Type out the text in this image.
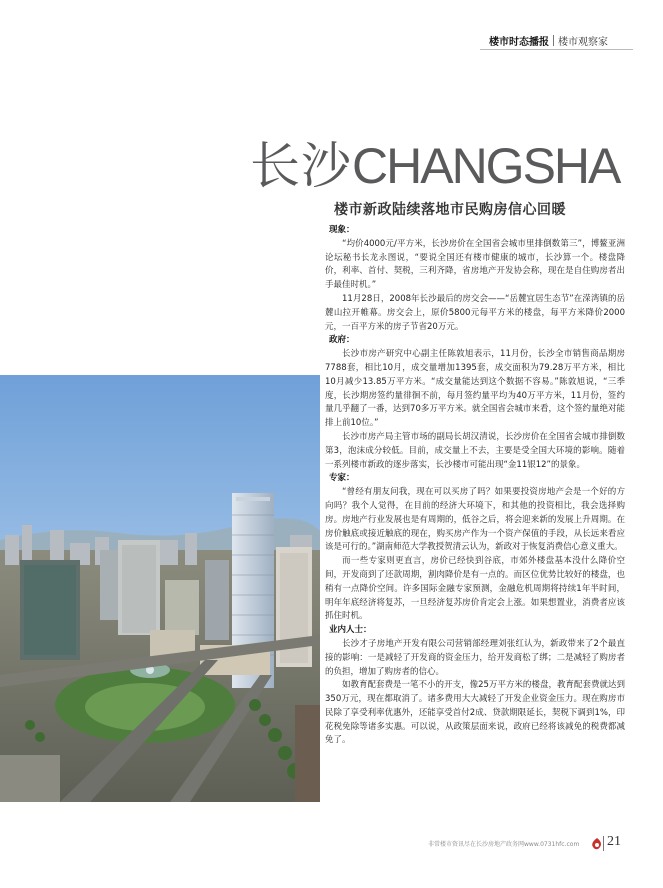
楼市时态播报 楼市观察家
长沙CHANGSHA
楼市新政陆续落地市民购房信心回暖

现象：

“均价4000元/平方米，长沙房价在全国省会城市里排倒数第三”，博鳌亚洲论坛秘书长龙永图说，“要说全国还有楼市健康的城市，长沙算一个。楼盘降价，利率、首付、契税，三利齐降，省房地产开发协会称，现在是自住购房者出手最佳时机。”

11月28日，2008年长沙最后的房交会——“岳麓宜居生态节”在溁湾镇的岳麓山拉开帷幕。房交会上，原价5800元每平方米的楼盘，每平方米降价2000元，一百平方米的房子节省20万元。

政府：

长沙市房产研究中心副主任陈敦旭表示，11月份，长沙全市销售商品期房7788套，相比10月，成交量增加1395套，成交面积为79.28万平方米，相比10月减少13.85万平方米。“成交量能达到这个数据不容易。”陈敦旭说，“三季度，长沙期房签约量徘徊不前，每月签约量平均为40万平方米，11月份，签约量几乎翻了一番，达到70多万平方米。就全国省会城市来看，这个签约量绝对能排上前10位。”

长沙市房产局主管市场的副局长胡汉清说，长沙房价在全国省会城市排倒数第3，泡沫成分较低。目前，成交量上不去，主要是受全国大环境的影响。随着一系列楼市新政的逐步落实，长沙楼市可能出现“金11银12”的景象。

专家：

“曾经有朋友问我，现在可以买房了吗？如果要投资房地产会是一个好的方向吗？我个人觉得，在目前的经济大环境下，和其他的投资相比，我会选择购房。房地产行业发展也是有周期的，低谷之后，将会迎来新的发展上升周期。在房价触底或接近触底的现在，购买房产作为一个资产保值的手段，从长远来看应该是可行的。”湖南师范大学教授贺清云认为，新政对于恢复消费信心意义重大。

而一些专家则更直言，房价已经快到谷底，市郊外楼盘基本没什么降价空间，开发商到了还款周期，割肉降价是有一点的。而区位优势比较好的楼盘，也稍有一点降价空间。许多国际金融专家预测，金融危机周期将持续1年半时间，明年年底经济将复苏，一旦经济复苏房价肯定会上涨。如果想置业，消费者应该抓住时机。

业内人士：

长沙才子房地产开发有限公司营销部经理刘张红认为，新政带来了2个最直接的影响：一是减轻了开发商的资金压力，给开发商松了绑；二是减轻了购房者的负担，增加了购房者的信心。

如教育配套费是一笔不小的开支，像25万平方米的楼盘，教育配套费就达到350万元，现在都取消了。诸多费用大大减轻了开发企业资金压力。现在购房市民除了享受利率优惠外，还能享受首付2成、贷款期限延长，契税下调到1%，印花税免除等诸多实惠。可以说，从政策层面来说，政府已经将该减免的税费都减免了。

非常楼市资讯尽在长沙房地产政务网www.0731hfc.com 21
